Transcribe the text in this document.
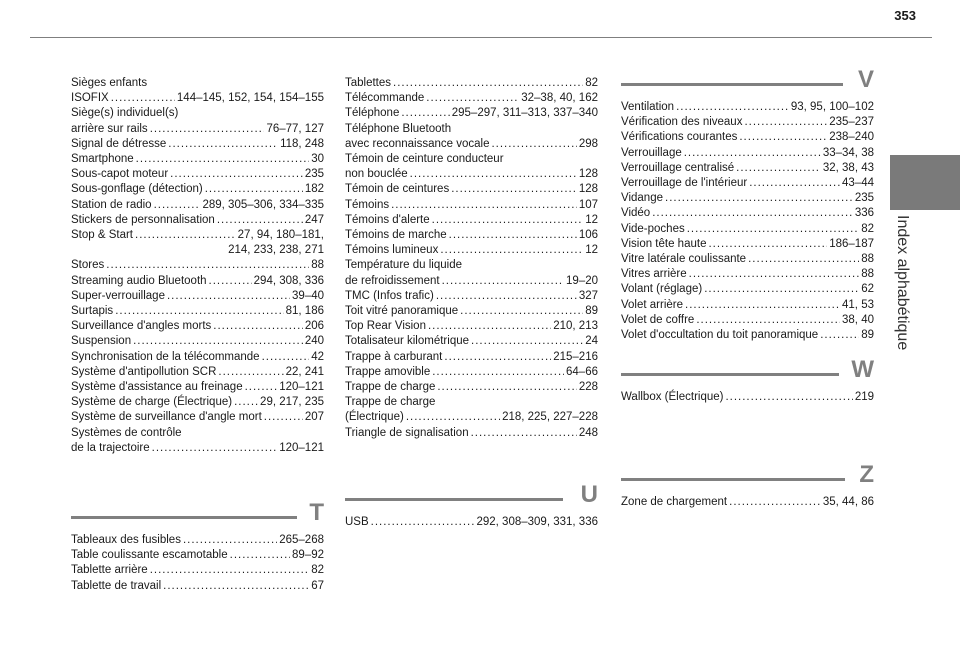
353
Index alphabétique
Sièges enfants
ISOFIX . . .	144–145, 152, 154, 154–155
Siège(s) individuel(s)
arrière sur rails . . .	76–77, 127
Signal de détresse . . .	118, 248
Smartphone . . .	30
Sous-capot moteur . . .	235
Sous-gonflage (détection) . . .	182
Station de radio . . .	289, 305–306, 334–335
Stickers de personnalisation . . .	247
Stop & Start . . .	27, 94, 180–181,
214, 233, 238, 271
Stores . . .	88
Streaming audio Bluetooth . . .	294, 308, 336
Super-verrouillage . . .	39–40
Surtapis . . .	81, 186
Surveillance d'angles morts . . .	206
Suspension . . .	240
Synchronisation de la télécommande . . .	42
Système d'antipollution SCR . . .	22, 241
Système d'assistance au freinage . . .	120–121
Système de charge (Électrique) . . . 29, 217, 235
Système de surveillance d'angle mort . . .	207
Systèmes de contrôle
de la trajectoire . . .	120–121
T
Tableaux des fusibles . . .	265–268
Table coulissante escamotable . . .	89–92
Tablette arrière . . .	82
Tablette de travail . . .	67
Tablettes . . .	82
Télécommande . . .	32–38, 40, 162
Téléphone . . .	295–297, 311–313, 337–340
Téléphone Bluetooth
avec reconnaissance vocale . . .	298
Témoin de ceinture conducteur
non bouclée . . .	128
Témoin de ceintures . . .	128
Témoins . . .	107
Témoins d'alerte . . .	12
Témoins de marche . . .	106
Témoins lumineux . . .	12
Température du liquide
de refroidissement . . .	19–20
TMC (Infos trafic) . . .	327
Toit vitré panoramique . . .	89
Top Rear Vision . . .	210, 213
Totalisateur kilométrique . . .	24
Trappe à carburant . . .	215–216
Trappe amovible . . .	64–66
Trappe de charge . . .	228
Trappe de charge
(Électrique) . . .	218, 225, 227–228
Triangle de signalisation . . .	248
U
USB . . .	292, 308–309, 331, 336
V
Ventilation . . .	93, 95, 100–102
Vérification des niveaux . . .	235–237
Vérifications courantes . . .	238–240
Verrouillage . . .	33–34, 38
Verrouillage centralisé . . .	32, 38, 43
Verrouillage de l'intérieur . . .	43–44
Vidange . . .	235
Vidéo . . .	336
Vide-poches . . .	82
Vision tête haute . . .	186–187
Vitre latérale coulissante . . .	88
Vitres arrière . . .	88
Volant (réglage) . . .	62
Volet arrière . . .	41, 53
Volet de coffre . . .	38, 40
Volet d'occultation du toit panoramique . . .	89
W
Wallbox (Électrique) . . .	219
Z
Zone de chargement . . .	35, 44, 86
